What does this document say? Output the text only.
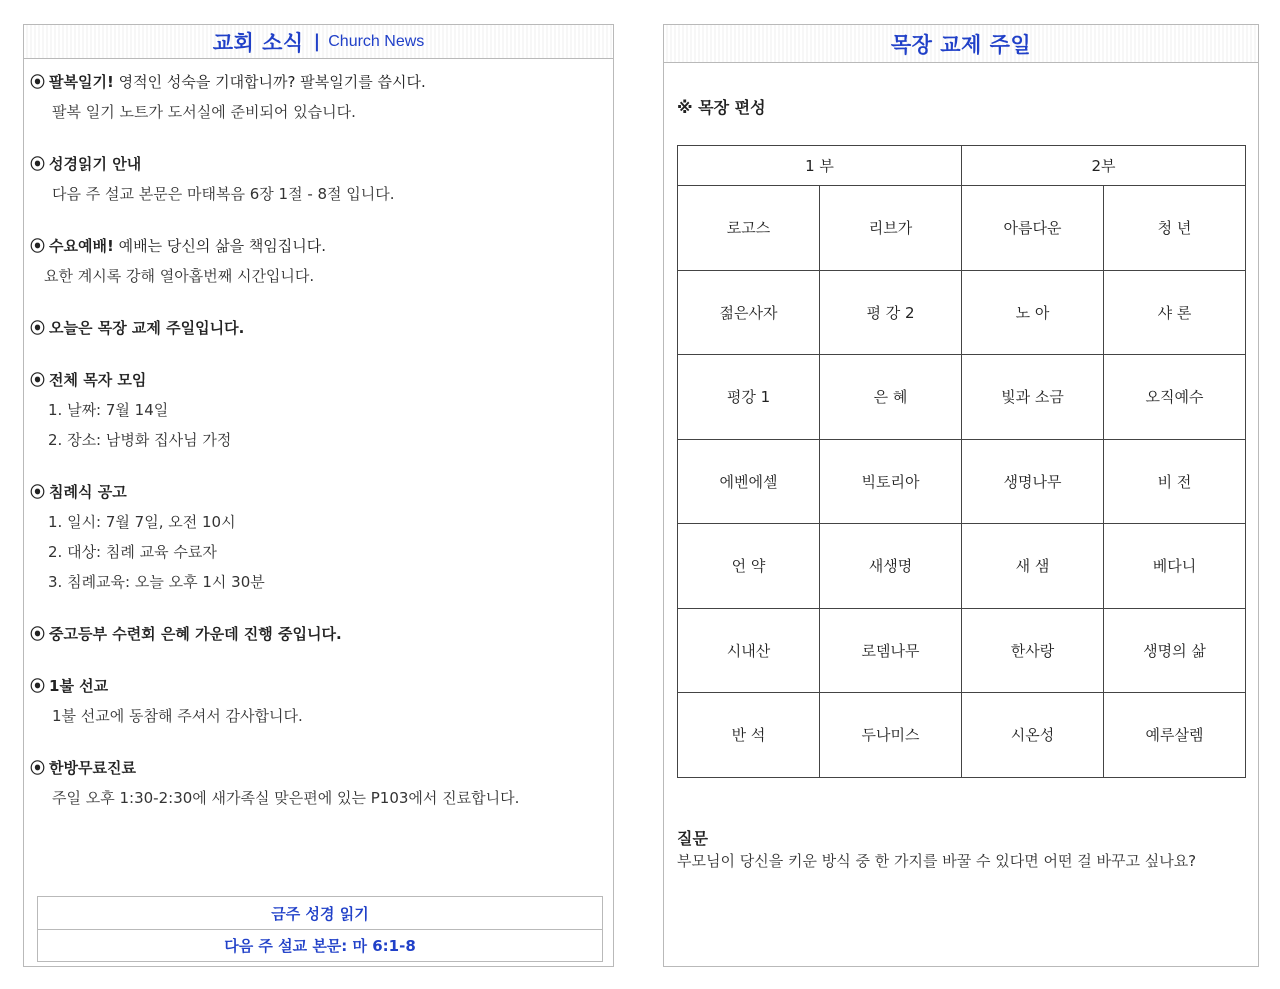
교회 소식 | Church News
⦿ 팔복일기! 영적인 성숙을 기대합니까? 팔복일기를 씁시다.
팔복 일기 노트가 도서실에 준비되어 있습니다.
⦿ 성경읽기 안내
다음 주 설교 본문은 마태복음 6장 1절 - 8절 입니다.
⦿ 수요예배! 예배는 당신의 삶을 책임집니다.
요한 계시록 강해 열아홉번째 시간입니다.
⦿ 오늘은 목장 교제 주일입니다.
⦿ 전체 목자 모임
1. 날짜: 7월 14일
2. 장소: 남병화 집사님 가정
⦿ 침례식 공고
1. 일시: 7월 7일, 오전 10시
2. 대상: 침례 교육 수료자
3. 침례교육: 오늘 오후 1시 30분
⦿ 중고등부 수련회 은혜 가운데 진행 중입니다.
⦿ 1불 선교
1불 선교에 동참해 주셔서 감사합니다.
⦿ 한방무료진료
주일 오후 1:30-2:30에 새가족실 맞은편에 있는 P103에서 진료합니다.
금주 성경 읽기
다음 주 설교 본문: 마 6:1-8
목장 교제 주일
※ 목장 편성
1 부		2부	
로고스	리브가	아름다운	청 년
젊은사자	평 강 2	노 아	샤 론
평강 1	은 혜	빛과 소금	오직예수
에벤에셀	빅토리아	생명나무	비 전
언 약	새생명	새 샘	베다니
시내산	로뎀나무	한사랑	생명의 삶
반 석	두나미스	시온성	예루살렘
질문
부모님이 당신을 키운 방식 중 한 가지를 바꿀 수 있다면 어떤 걸 바꾸고 싶나요?
